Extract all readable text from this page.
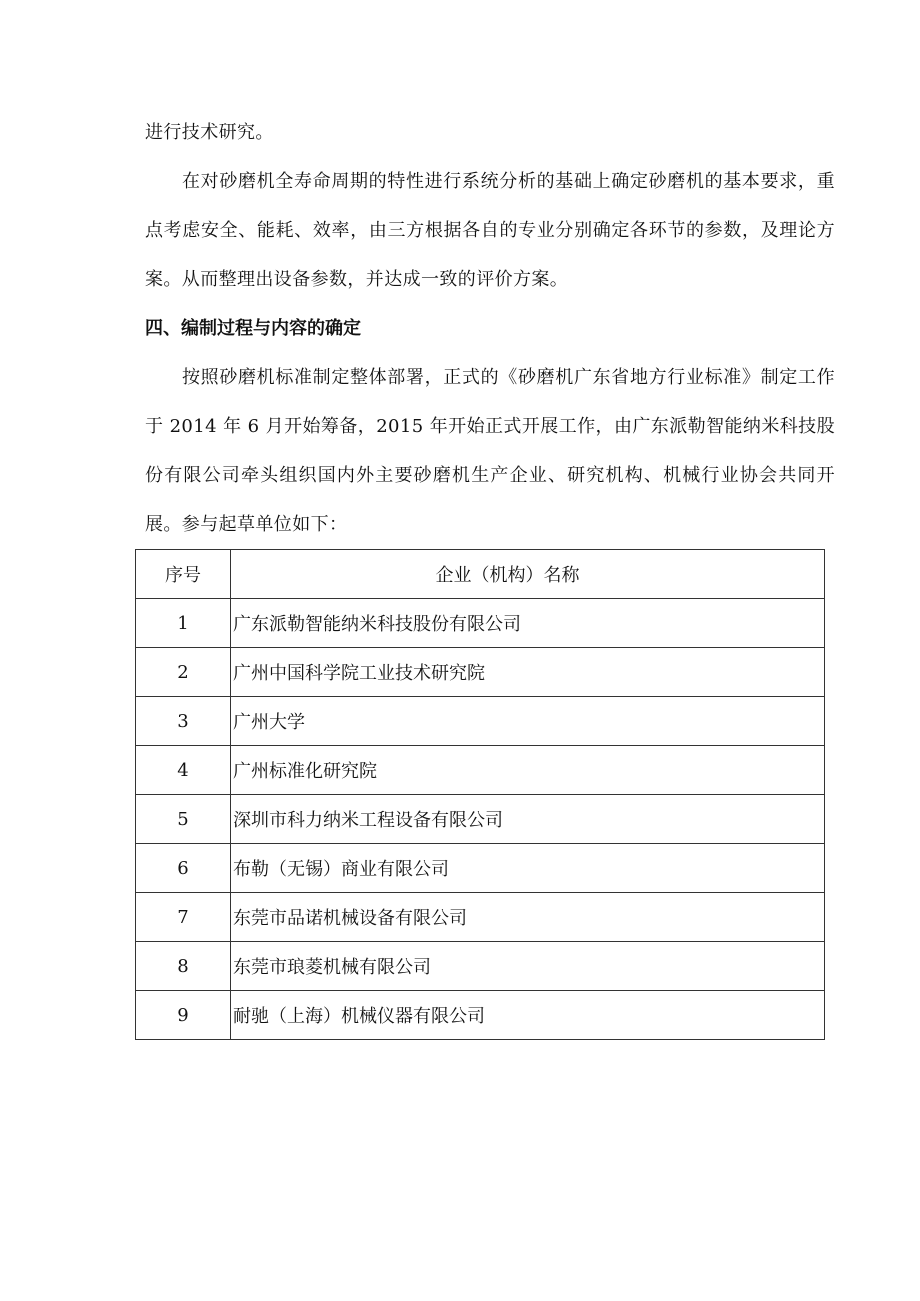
进行技术研究。

在对砂磨机全寿命周期的特性进行系统分析的基础上确定砂磨机的基本要求，重点考虑安全、能耗、效率，由三方根据各自的专业分别确定各环节的参数，及理论方案。从而整理出设备参数，并达成一致的评价方案。

四、编制过程与内容的确定

按照砂磨机标准制定整体部署，正式的《砂磨机广东省地方行业标准》制定工作于 2014 年 6 月开始筹备，2015 年开始正式开展工作，由广东派勒智能纳米科技股份有限公司牵头组织国内外主要砂磨机生产企业、研究机构、机械行业协会共同开展。参与起草单位如下：

序号	企业（机构）名称
1	广东派勒智能纳米科技股份有限公司
2	广州中国科学院工业技术研究院
3	广州大学
4	广州标准化研究院
5	深圳市科力纳米工程设备有限公司
6	布勒（无锡）商业有限公司
7	东莞市品诺机械设备有限公司
8	东莞市琅菱机械有限公司
9	耐驰（上海）机械仪器有限公司
